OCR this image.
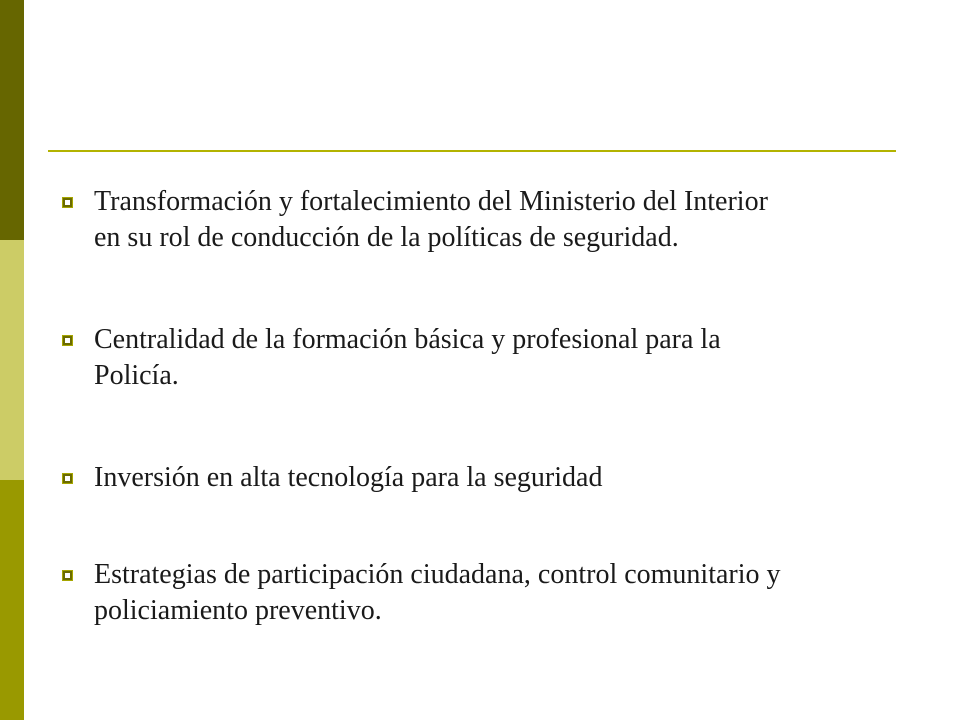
Transformación y fortalecimiento del Ministerio del Interior
en su rol de conducción de la políticas de seguridad.
Centralidad de la formación básica y profesional para la
Policía.
Inversión en alta tecnología para la seguridad
Estrategias de participación ciudadana, control comunitario y
policiamiento preventivo.
